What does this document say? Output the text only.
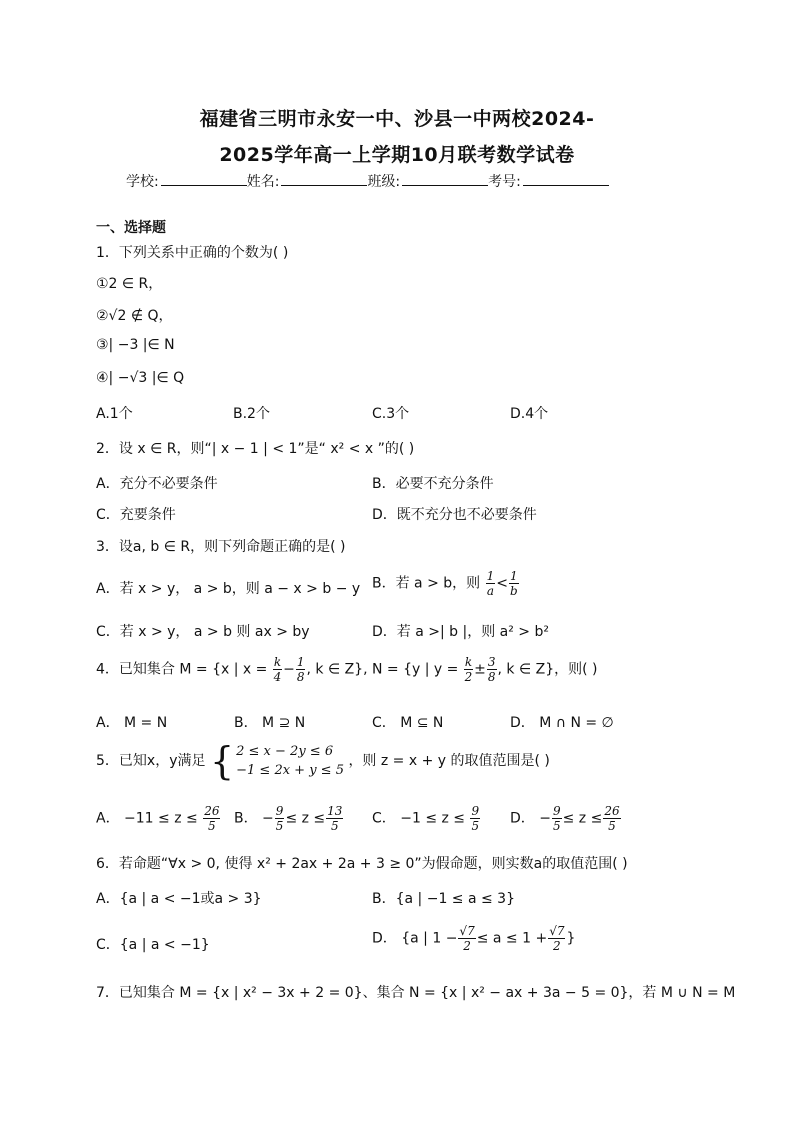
福建省三明市永安一中、沙县一中两校2024-
2025学年高一上学期10月联考数学试卷
学校:	姓名:	班级:	考号:
一、选择题
1．下列关系中正确的个数为( )
①2 ∈ R，
②√2 ∉ Q，
③| −3 |∈ N
④| −√3 |∈ Q
A.1个	B.2个	C.3个	D.4个
2．设 x ∈ R，则“| x − 1 | < 1”是“ x² < x ”的( )
A．充分不必要条件	B．必要不充分条件
C．充要条件	D．既不充分也不必要条件
3．设a, b ∈ R，则下列命题正确的是( )
A．若 x > y， a > b，则 a − x > b − y B．若 a > b，则 $\frac{1}{a} < \frac{1}{b}$
C．若 x > y， a > b 则 ax > by	D．若 a >| b |，则 a² > b²
4．已知集合 M = {x | $x = \frac{k}{4} - \frac{1}{8}$ , k ∈ Z}, N = {y | $y = \frac{k}{2} \pm \frac{3}{8}$ , k ∈ Z}，则( )
A． M = N	B． M ⊇ N	C． M ⊆ N	D． M ∩ N = ∅
5．已知x，y满足 { 2 ≤ x − 2y ≤ 6
−1 ≤ 2x + y ≤ 5
，则 z = x + y 的取值范围是( )
A． $-11 \le z \le \frac{26}{5}$ B． − $\frac{9}{5} \le z \le \frac{13}{5}$ C． $-1 \le z \le \frac{9}{5}$ D． − $\frac{9}{5} \le z \le \frac{26}{5}$
6．若命题“∀x > 0, 使得 x² + 2ax + 2a + 3 ≥ 0”为假命题，则实数a的取值范围( )
A．{a | a < −1或a > 3}	B．{a | −1 ≤ a ≤ 3}
C．{a | a < −1}	D． {a | $1 - \frac{√7}{2} \le a \le 1 + \frac{√7}{2}$ }
7．已知集合 M = {x | x² − 3x + 2 = 0}、集合 N = {x | x² − ax + 3a − 5 = 0}，若 M ∪ N = M
